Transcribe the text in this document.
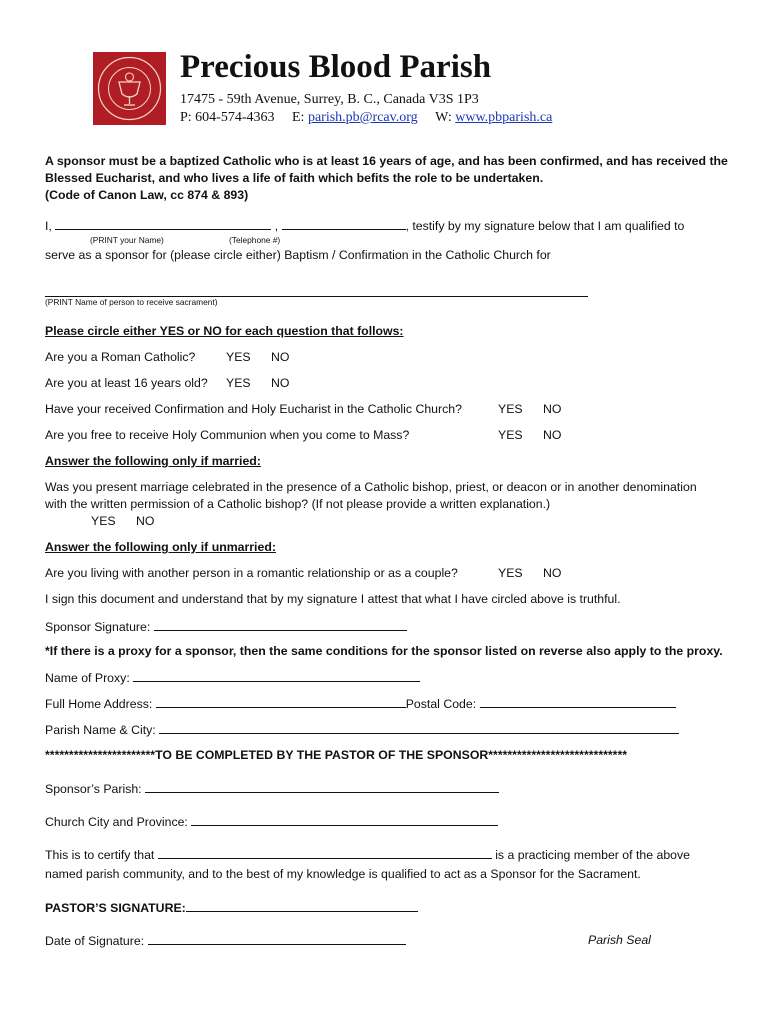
Precious Blood Parish
17475 - 59th Avenue, Surrey, B. C., Canada V3S 1P3
P: 604-574-4363 E: parish.pb@rcav.org W: www.pbparish.ca
A sponsor must be a baptized Catholic who is at least 16 years of age, and has been confirmed, and has received the
Blessed Eucharist, and who lives a life of faith which befits the role to be undertaken.
(Code of Canon Law, cc 874 & 893)
I,	,	, testify by my signature below that I am qualified to
(PRINT your Name)	(Telephone #)
serve as a sponsor for (please circle either) Baptism / Confirmation in the Catholic Church for
(PRINT Name of person to receive sacrament)
Please circle either YES or NO for each question that follows:
Are you a Roman Catholic? YES NO
Are you at least 16 years old? YES NO
Have your received Confirmation and Holy Eucharist in the Catholic Church?	YES NO
Are you free to receive Holy Communion when you come to Mass?	YES NO
Answer the following only if married:
Was you present marriage celebrated in the presence of a Catholic bishop, priest, or deacon or in another denomination
with the written permission of a Catholic bishop? (If not please provide a written explanation.)
YES NO
Answer the following only if unmarried:
Are you living with another person in a romantic relationship or as a couple?	YES NO
I sign this document and understand that by my signature I attest that what I have circled above is truthful.
Sponsor Signature:
*If there is a proxy for a sponsor, then the same conditions for the sponsor listed on reverse also apply to the proxy.
Name of Proxy:
Full Home Address:	Postal Code:
Parish Name & City:
***********************TO BE COMPLETED BY THE PASTOR OF THE SPONSOR*****************************
Sponsor’s Parish:
Church City and Province:
This is to certify that	is a practicing member of the above
named parish community, and to the best of my knowledge is qualified to act as a Sponsor for the Sacrament.
PASTOR’S SIGNATURE:
Date of Signature:	Parish Seal
